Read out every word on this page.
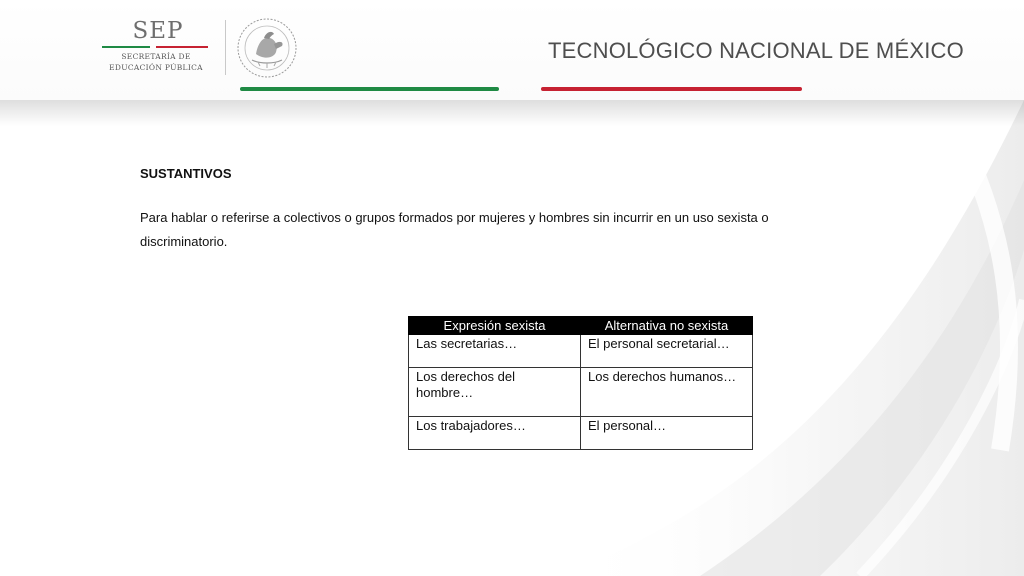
SEP
SECRETARÍA DE
EDUCACIÓN PÚBLICA
TECNOLÓGICO NACIONAL DE MÉXICO

SUSTANTIVOS

Para hablar o referirse a colectivos o grupos formados por mujeres y hombres sin incurrir en un uso sexista o discriminatorio.

Expresión sexista	Alternativa no sexista
Las secretarias…	El personal secretarial…
Los derechos del hombre…	Los derechos humanos…
Los trabajadores…	El personal…
